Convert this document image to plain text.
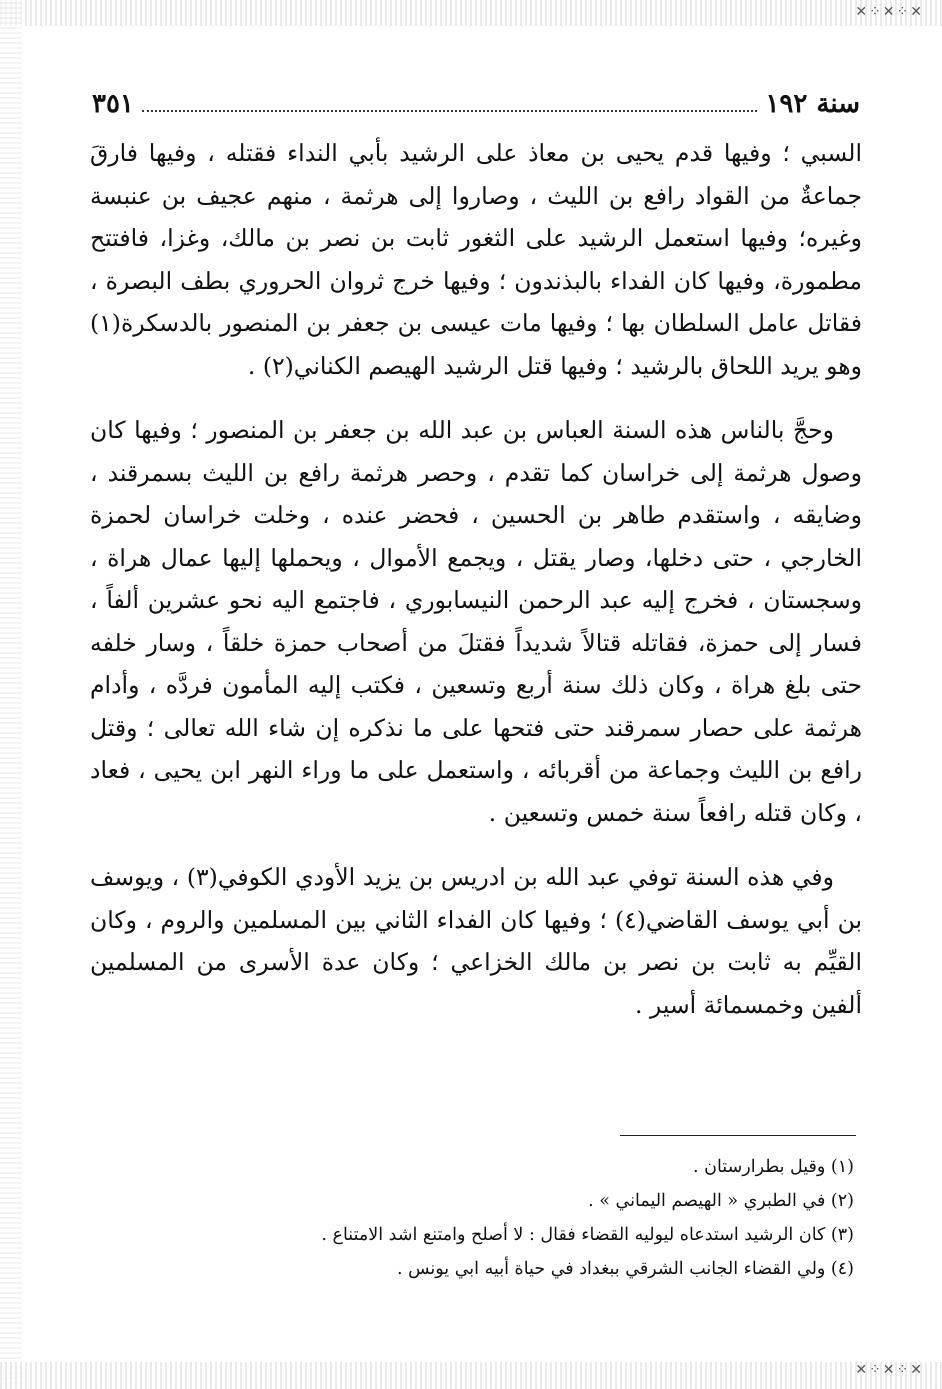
✕⁘✕⁘✕
✕⁘✕⁘✕
سنة ١٩٢
٣٥١

السبي ؛ وفيها قدم يحيى بن معاذ على الرشيد بأبي النداء فقتله ، وفيها فارقَ جماعةٌ من القواد رافع بن الليث ، وصاروا إلى هرثمة ، منهم عجيف بن عنبسة وغيره؛ وفيها استعمل الرشيد على الثغور ثابت بن نصر بن مالك، وغزا، فافتتح مطمورة، وفيها كان الفداء بالبذندون ؛ وفيها خرج ثروان الحروري بطف البصرة ، فقاتل عامل السلطان بها ؛ وفيها مات عيسى بن جعفر بن المنصور بالدسكرة(١) وهو يريد اللحاق بالرشيد ؛ وفيها قتل الرشيد الهيصم الكناني(٢) .

وحجَّ بالناس هذه السنة العباس بن عبد الله بن جعفر بن المنصور ؛ وفيها كان وصول هرثمة إلى خراسان كما تقدم ، وحصر هرثمة رافع بن الليث بسمرقند ، وضايقه ، واستقدم طاهر بن الحسين ، فحضر عنده ، وخلت خراسان لحمزة الخارجي ، حتى دخلها، وصار يقتل ، ويجمع الأموال ، ويحملها إليها عمال هراة ، وسجستان ، فخرج إليه عبد الرحمن النيسابوري ، فاجتمع اليه نحو عشرين ألفاً ، فسار إلى حمزة، فقاتله قتالاً شديداً فقتلَ من أصحاب حمزة خلقاً ، وسار خلفه حتى بلغ هراة ، وكان ذلك سنة أربع وتسعين ، فكتب إليه المأمون فردَّه ، وأدام هرثمة على حصار سمرقند حتى فتحها على ما نذكره إن شاء الله تعالى ؛ وقتل رافع بن الليث وجماعة من أقربائه ، واستعمل على ما وراء النهر ابن يحيى ، فعاد ، وكان قتله رافعاً سنة خمس وتسعين .

وفي هذه السنة توفي عبد الله بن ادريس بن يزيد الأودي الكوفي(٣) ، ويوسف بن أبي يوسف القاضي(٤) ؛ وفيها كان الفداء الثاني بين المسلمين والروم ، وكان القيِّم به ثابت بن نصر بن مالك الخزاعي ؛ وكان عدة الأسرى من المسلمين ألفين وخمسمائة أسير .

(١) وقيل بطرارستان .
(٢) في الطبري « الهيصم اليماني » .
(٣) كان الرشيد استدعاه ليوليه القضاء فقال : لا أصلح وامتنع اشد الامتناع .
(٤) ولي القضاء الجانب الشرقي ببغداد في حياة أبيه ابي يونس .
